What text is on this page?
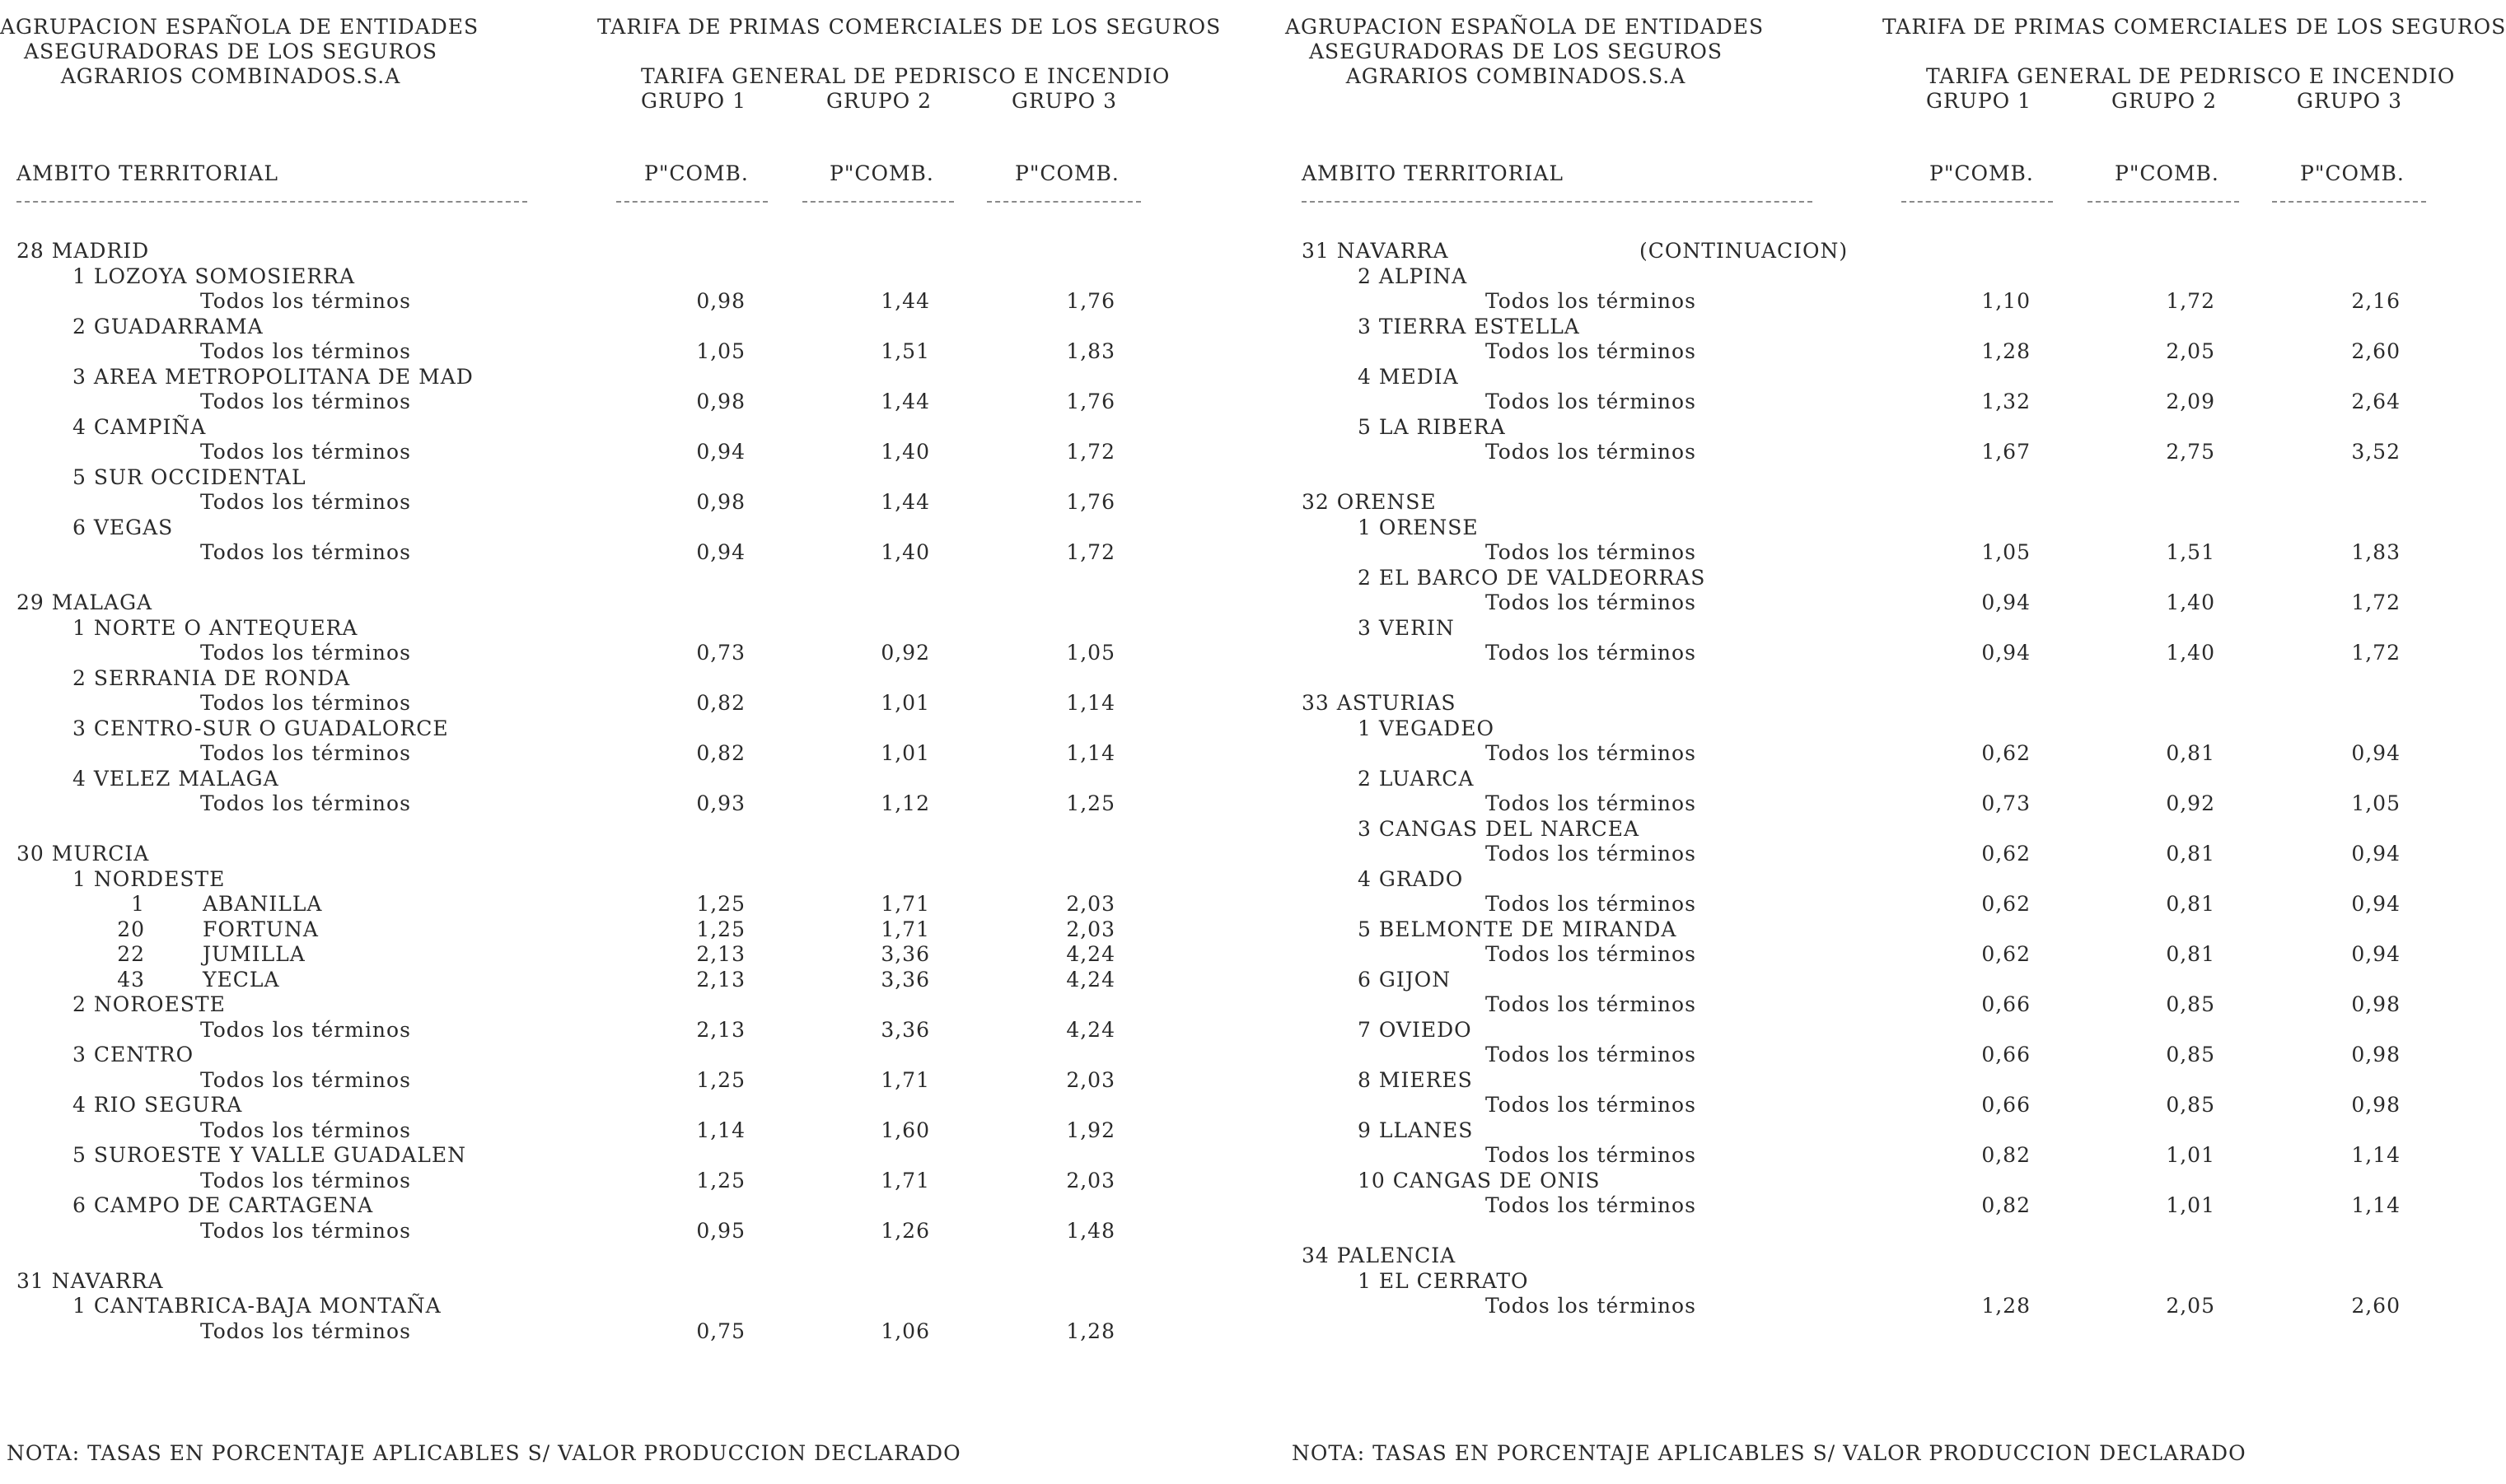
AGRUPACION ESPAÑOLA DE ENTIDADES
ASEGURADORAS DE LOS SEGUROS
AGRARIOS COMBINADOS.S.A
TARIFA DE PRIMAS COMERCIALES DE LOS SEGUROS
TARIFA GENERAL DE PEDRISCO E INCENDIO
GRUPO 1	GRUPO 2	GRUPO 3
AMBITO TERRITORIAL	P"COMB.	P"COMB.	P"COMB.
28 MADRID
1 LOZOYA SOMOSIERRA
Todos los términos	0,98	1,44	1,76
2 GUADARRAMA
Todos los términos	1,05	1,51	1,83
3 AREA METROPOLITANA DE MAD
Todos los términos	0,98	1,44	1,76
4 CAMPIÑA
Todos los términos	0,94	1,40	1,72
5 SUR OCCIDENTAL
Todos los términos	0,98	1,44	1,76
6 VEGAS
Todos los términos	0,94	1,40	1,72
29 MALAGA
1 NORTE O ANTEQUERA
Todos los términos	0,73	0,92	1,05
2 SERRANIA DE RONDA
Todos los términos	0,82	1,01	1,14
3 CENTRO-SUR O GUADALORCE
Todos los términos	0,82	1,01	1,14
4 VELEZ MALAGA
Todos los términos	0,93	1,12	1,25
30 MURCIA
1 NORDESTE
1	ABANILLA	1,25	1,71	2,03
20	FORTUNA	1,25	1,71	2,03
22	JUMILLA	2,13	3,36	4,24
43	YECLA	2,13	3,36	4,24
2 NOROESTE
Todos los términos	2,13	3,36	4,24
3 CENTRO
Todos los términos	1,25	1,71	2,03
4 RIO SEGURA
Todos los términos	1,14	1,60	1,92
5 SUROESTE Y VALLE GUADALEN
Todos los términos	1,25	1,71	2,03
6 CAMPO DE CARTAGENA
Todos los términos	0,95	1,26	1,48
31 NAVARRA
1 CANTABRICA-BAJA MONTAÑA
Todos los términos	0,75	1,06	1,28
NOTA: TASAS EN PORCENTAJE APLICABLES S/ VALOR PRODUCCION DECLARADO
AGRUPACION ESPAÑOLA DE ENTIDADES
ASEGURADORAS DE LOS SEGUROS
AGRARIOS COMBINADOS.S.A
TARIFA DE PRIMAS COMERCIALES DE LOS SEGUROS
TARIFA GENERAL DE PEDRISCO E INCENDIO
GRUPO 1	GRUPO 2	GRUPO 3
AMBITO TERRITORIAL	P"COMB.	P"COMB.	P"COMB.
31 NAVARRA	(CONTINUACION)
2 ALPINA
Todos los términos	1,10	1,72	2,16
3 TIERRA ESTELLA
Todos los términos	1,28	2,05	2,60
4 MEDIA
Todos los términos	1,32	2,09	2,64
5 LA RIBERA
Todos los términos	1,67	2,75	3,52
32 ORENSE
1 ORENSE
Todos los términos	1,05	1,51	1,83
2 EL BARCO DE VALDEORRAS
Todos los términos	0,94	1,40	1,72
3 VERIN
Todos los términos	0,94	1,40	1,72
33 ASTURIAS
1 VEGADEO
Todos los términos	0,62	0,81	0,94
2 LUARCA
Todos los términos	0,73	0,92	1,05
3 CANGAS DEL NARCEA
Todos los términos	0,62	0,81	0,94
4 GRADO
Todos los términos	0,62	0,81	0,94
5 BELMONTE DE MIRANDA
Todos los términos	0,62	0,81	0,94
6 GIJON
Todos los términos	0,66	0,85	0,98
7 OVIEDO
Todos los términos	0,66	0,85	0,98
8 MIERES
Todos los términos	0,66	0,85	0,98
9 LLANES
Todos los términos	0,82	1,01	1,14
10 CANGAS DE ONIS
Todos los términos	0,82	1,01	1,14
34 PALENCIA
1 EL CERRATO
Todos los términos	1,28	2,05	2,60
NOTA: TASAS EN PORCENTAJE APLICABLES S/ VALOR PRODUCCION DECLARADO
